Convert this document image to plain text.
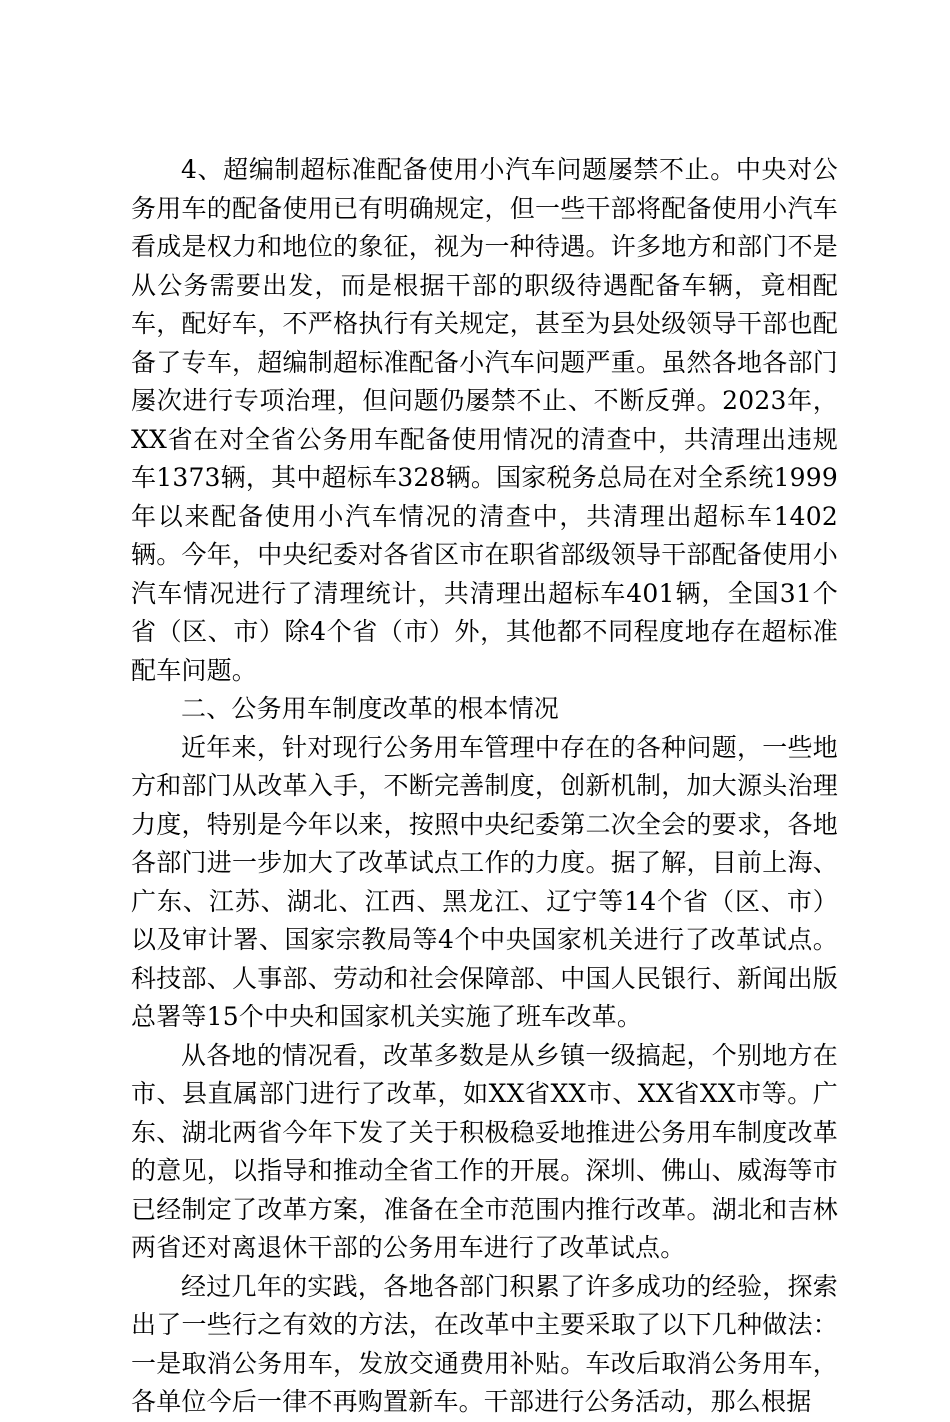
4、超编制超标准配备使用小汽车问题屡禁不止。中央对公务用车的配备使用已有明确规定，但一些干部将配备使用小汽车看成是权力和地位的象征，视为一种待遇。许多地方和部门不是从公务需要出发，而是根据干部的职级待遇配备车辆，竟相配车，配好车，不严格执行有关规定，甚至为县处级领导干部也配备了专车，超编制超标准配备小汽车问题严重。虽然各地各部门屡次进行专项治理，但问题仍屡禁不止、不断反弹。2023年，XX省在对全省公务用车配备使用情况的清查中，共清理出违规车1373辆，其中超标车328辆。国家税务总局在对全系统1999年以来配备使用小汽车情况的清查中，共清理出超标车1402辆。今年，中央纪委对各省区市在职省部级领导干部配备使用小汽车情况进行了清理统计，共清理出超标车401辆，全国31个省（区、市）除4个省（市）外，其他都不同程度地存在超标准配车问题。

二、公务用车制度改革的根本情况

近年来，针对现行公务用车管理中存在的各种问题，一些地方和部门从改革入手，不断完善制度，创新机制，加大源头治理力度，特别是今年以来，按照中央纪委第二次全会的要求，各地各部门进一步加大了改革试点工作的力度。据了解，目前上海、广东、江苏、湖北、江西、黑龙江、辽宁等14个省（区、市）以及审计署、国家宗教局等4个中央国家机关进行了改革试点。科技部、人事部、劳动和社会保障部、中国人民银行、新闻出版总署等15个中央和国家机关实施了班车改革。

从各地的情况看，改革多数是从乡镇一级搞起，个别地方在市、县直属部门进行了改革，如XX省XX市、XX省XX市等。广东、湖北两省今年下发了关于积极稳妥地推进公务用车制度改革的意见，以指导和推动全省工作的开展。深圳、佛山、威海等市已经制定了改革方案，准备在全市范围内推行改革。湖北和吉林两省还对离退休干部的公务用车进行了改革试点。

经过几年的实践，各地各部门积累了许多成功的经验，探索出了一些行之有效的方法，在改革中主要采取了以下几种做法：一是取消公务用车，发放交通费用补贴。车改后取消公务用车，各单位今后一律不再购置新车。干部进行公务活动，那么根据
